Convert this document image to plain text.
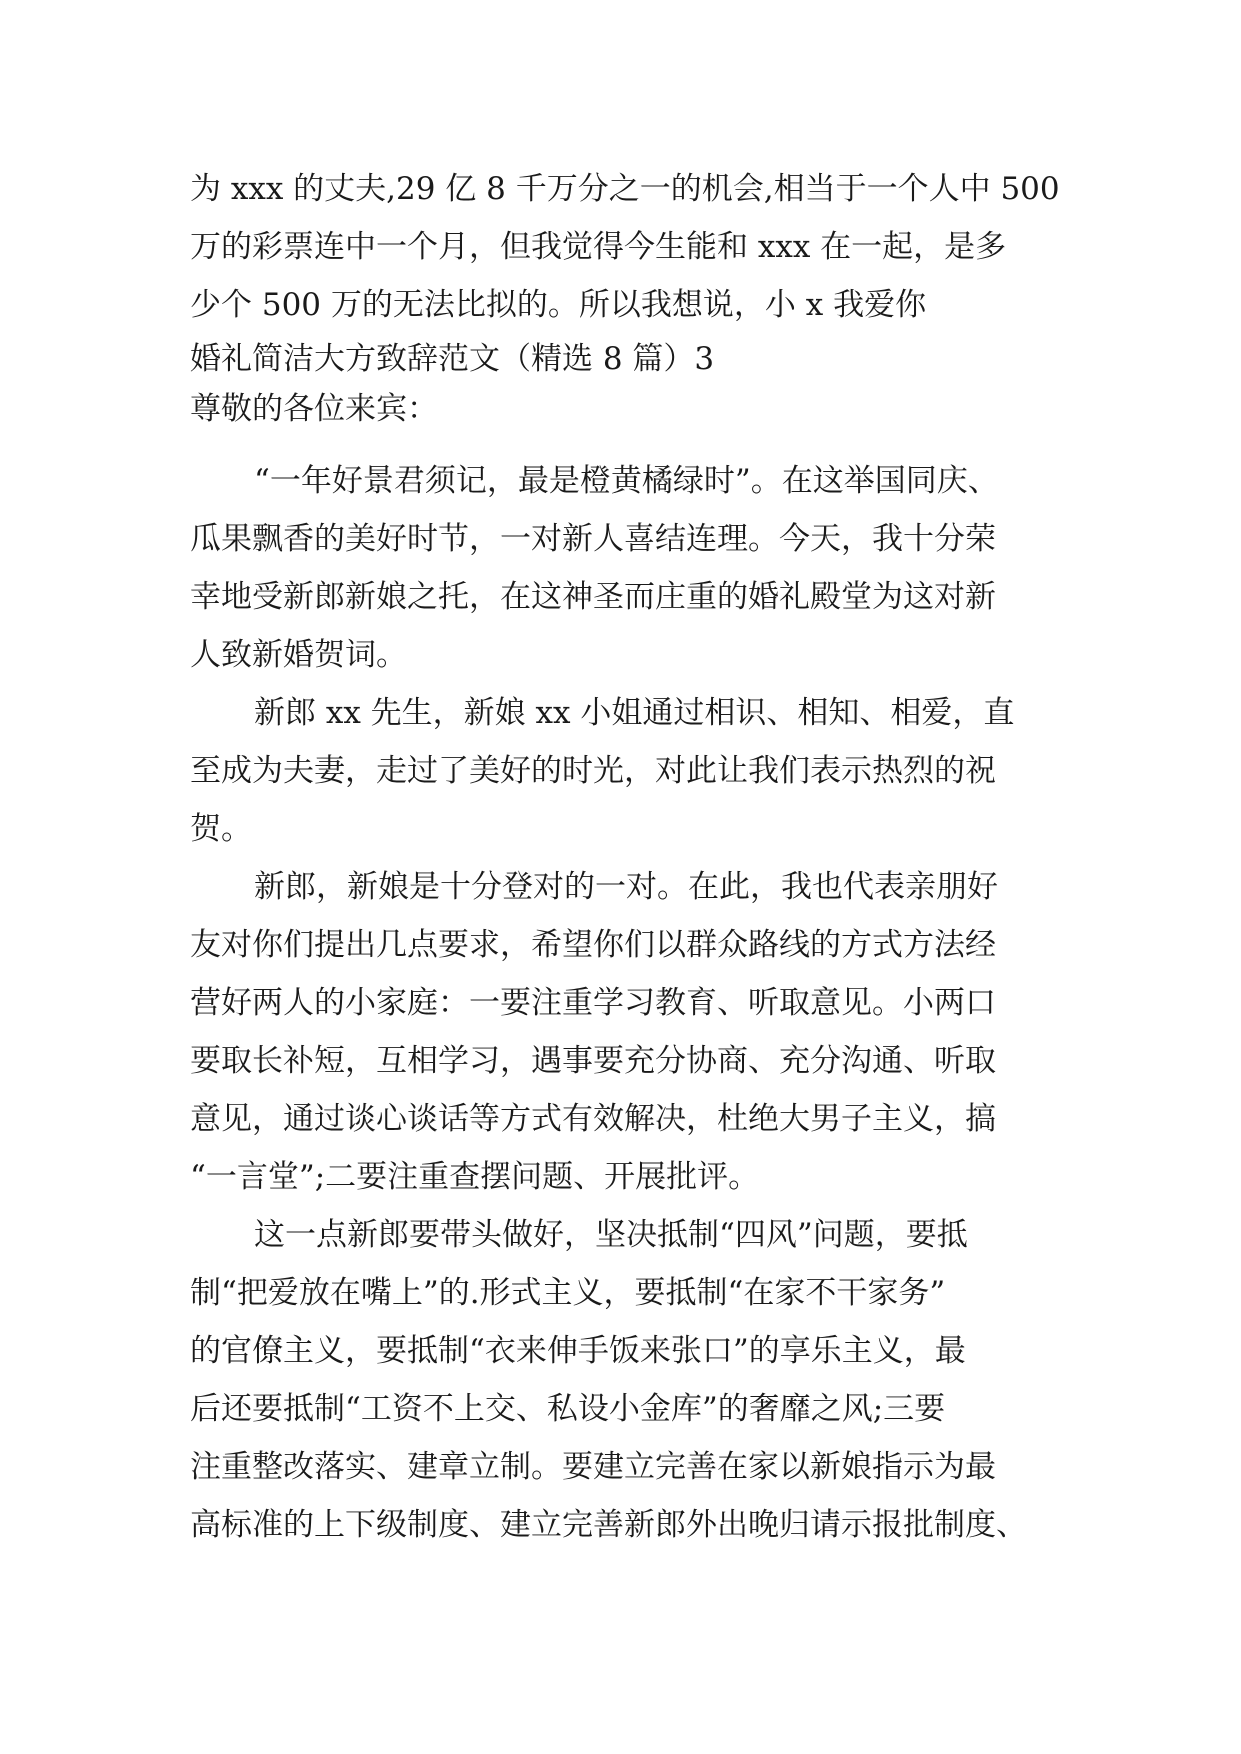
为 xxx 的丈夫,29 亿 8 千万分之一的机会,相当于一个人中 500
万的彩票连中一个月，但我觉得今生能和 xxx 在一起，是多
少个 500 万的无法比拟的。所以我想说，小 x 我爱你
婚礼简洁大方致辞范文（精选 8 篇）3
尊敬的各位来宾：
“一年好景君须记，最是橙黄橘绿时”。在这举国同庆、
瓜果飘香的美好时节，一对新人喜结连理。今天，我十分荣
幸地受新郎新娘之托，在这神圣而庄重的婚礼殿堂为这对新
人致新婚贺词。
新郎 xx 先生，新娘 xx 小姐通过相识、相知、相爱，直
至成为夫妻，走过了美好的时光，对此让我们表示热烈的祝
贺。
新郎，新娘是十分登对的一对。在此，我也代表亲朋好
友对你们提出几点要求，希望你们以群众路线的方式方法经
营好两人的小家庭：一要注重学习教育、听取意见。小两口
要取长补短，互相学习，遇事要充分协商、充分沟通、听取
意见，通过谈心谈话等方式有效解决，杜绝大男子主义，搞
“一言堂”;二要注重查摆问题、开展批评。
这一点新郎要带头做好，坚决抵制“四风”问题，要抵
制“把爱放在嘴上”的.形式主义，要抵制“在家不干家务”
的官僚主义，要抵制“衣来伸手饭来张口”的享乐主义，最
后还要抵制“工资不上交、私设小金库”的奢靡之风;三要
注重整改落实、建章立制。要建立完善在家以新娘指示为最
高标准的上下级制度、建立完善新郎外出晚归请示报批制度、
